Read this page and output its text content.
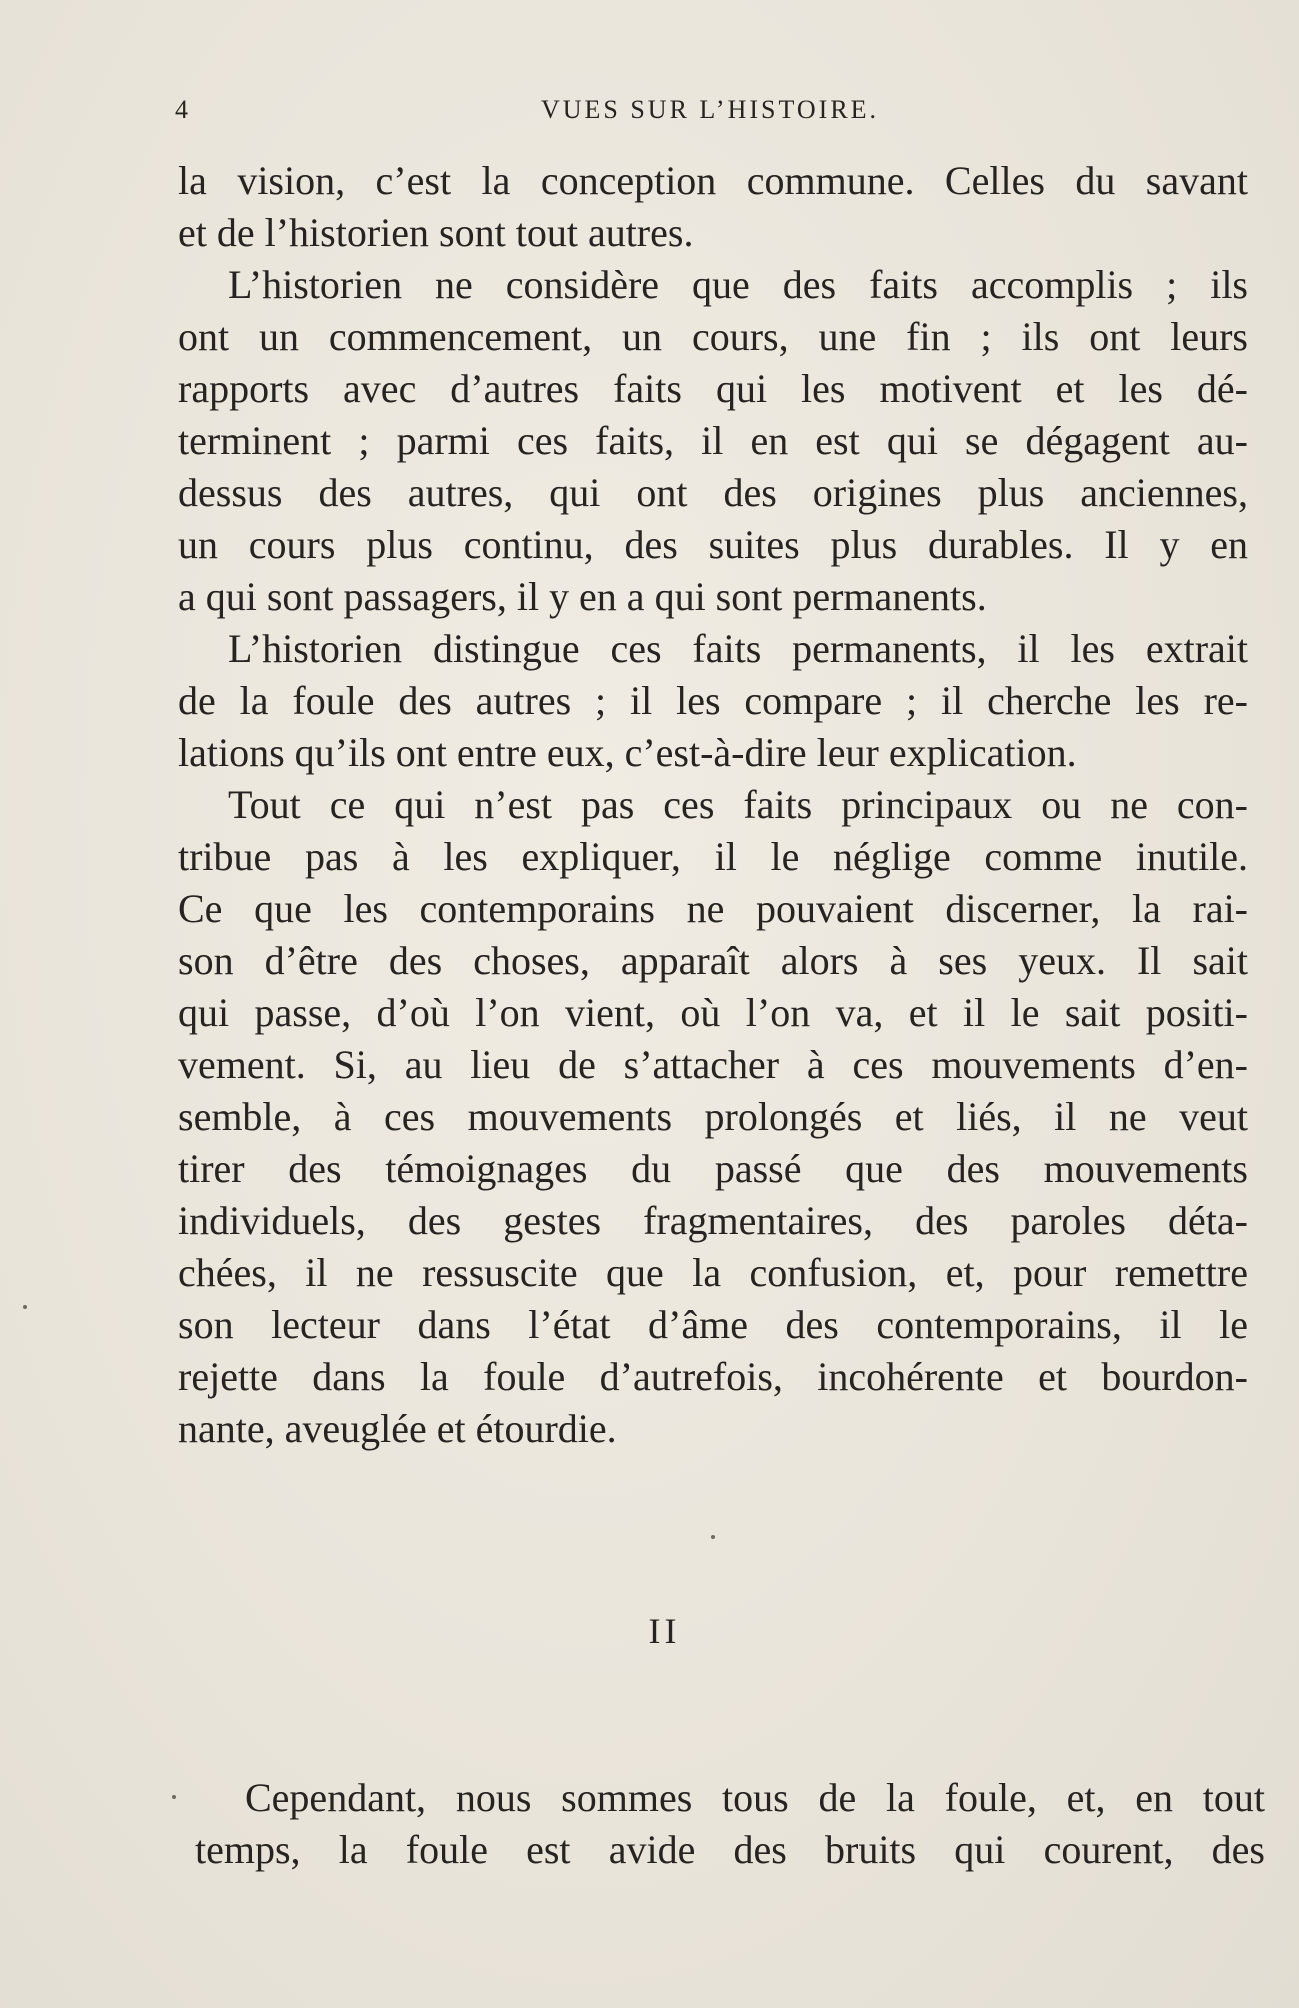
4	VUES SUR L’HISTOIRE.
la vision, c’est la conception commune. Celles du savant
et de l’historien sont tout autres.
L’historien ne considère que des faits accomplis ; ils
ont un commencement, un cours, une fin ; ils ont leurs
rapports avec d’autres faits qui les motivent et les dé-
terminent ; parmi ces faits, il en est qui se dégagent au-
dessus des autres, qui ont des origines plus anciennes,
un cours plus continu, des suites plus durables. Il y en
a qui sont passagers, il y en a qui sont permanents.
L’historien distingue ces faits permanents, il les extrait
de la foule des autres ; il les compare ; il cherche les re-
lations qu’ils ont entre eux, c’est-à-dire leur explication.
Tout ce qui n’est pas ces faits principaux ou ne con-
tribue pas à les expliquer, il le néglige comme inutile.
Ce que les contemporains ne pouvaient discerner, la rai-
son d’être des choses, apparaît alors à ses yeux. Il sait
qui passe, d’où l’on vient, où l’on va, et il le sait positi-
vement. Si, au lieu de s’attacher à ces mouvements d’en-
semble, à ces mouvements prolongés et liés, il ne veut
tirer des témoignages du passé que des mouvements
individuels, des gestes fragmentaires, des paroles déta-
chées, il ne ressuscite que la confusion, et, pour remettre
son lecteur dans l’état d’âme des contemporains, il le
rejette dans la foule d’autrefois, incohérente et bourdon-
nante, aveuglée et étourdie.
II
Cependant, nous sommes tous de la foule, et, en tout
temps, la foule est avide des bruits qui courent, des
